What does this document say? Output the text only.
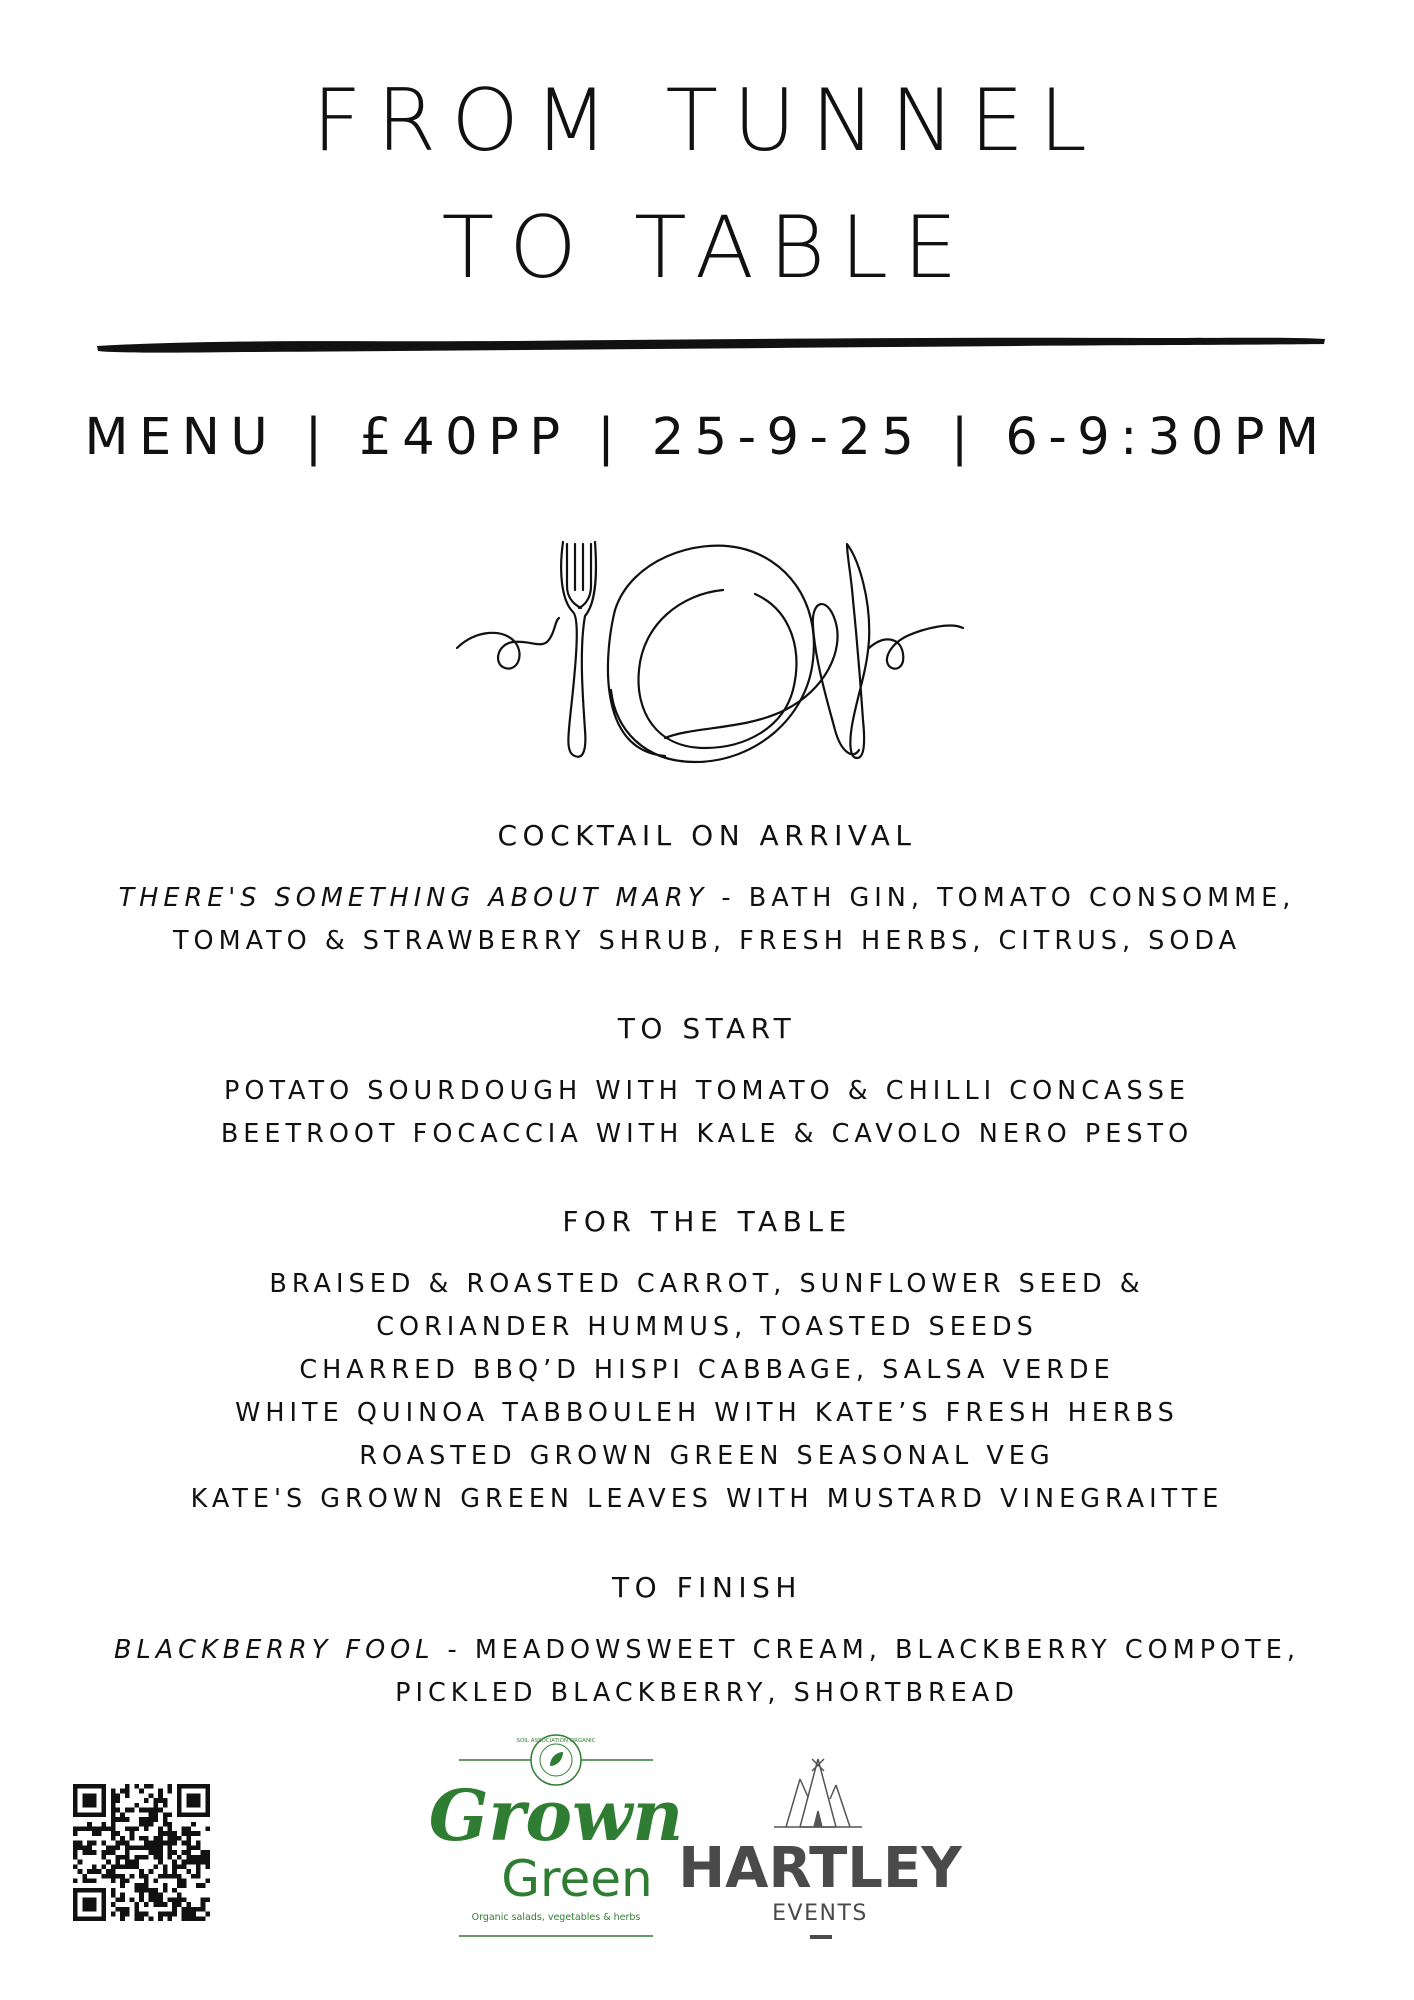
FROM TUNNEL
TO TABLE
MENU | £40PP | 25-9-25 | 6-9:30PM
COCKTAIL ON ARRIVAL
THERE'S SOMETHING ABOUT MARY - BATH GIN, TOMATO CONSOMME,
TOMATO & STRAWBERRY SHRUB, FRESH HERBS, CITRUS, SODA
TO START
POTATO SOURDOUGH WITH TOMATO & CHILLI CONCASSE
BEETROOT FOCACCIA WITH KALE & CAVOLO NERO PESTO
FOR THE TABLE
BRAISED & ROASTED CARROT, SUNFLOWER SEED &
CORIANDER HUMMUS, TOASTED SEEDS
CHARRED BBQ’D HISPI CABBAGE, SALSA VERDE
WHITE QUINOA TABBOULEH WITH KATE’S FRESH HERBS
ROASTED GROWN GREEN SEASONAL VEG
KATE'S GROWN GREEN LEAVES WITH MUSTARD VINEGRAITTE
TO FINISH
BLACKBERRY FOOL - MEADOWSWEET CREAM, BLACKBERRY COMPOTE,
PICKLED BLACKBERRY, SHORTBREAD
SOIL ASSOCIATION ORGANIC
Grown
Green
Organic salads, vegetables & herbs
HARTLEY
EVENTS
